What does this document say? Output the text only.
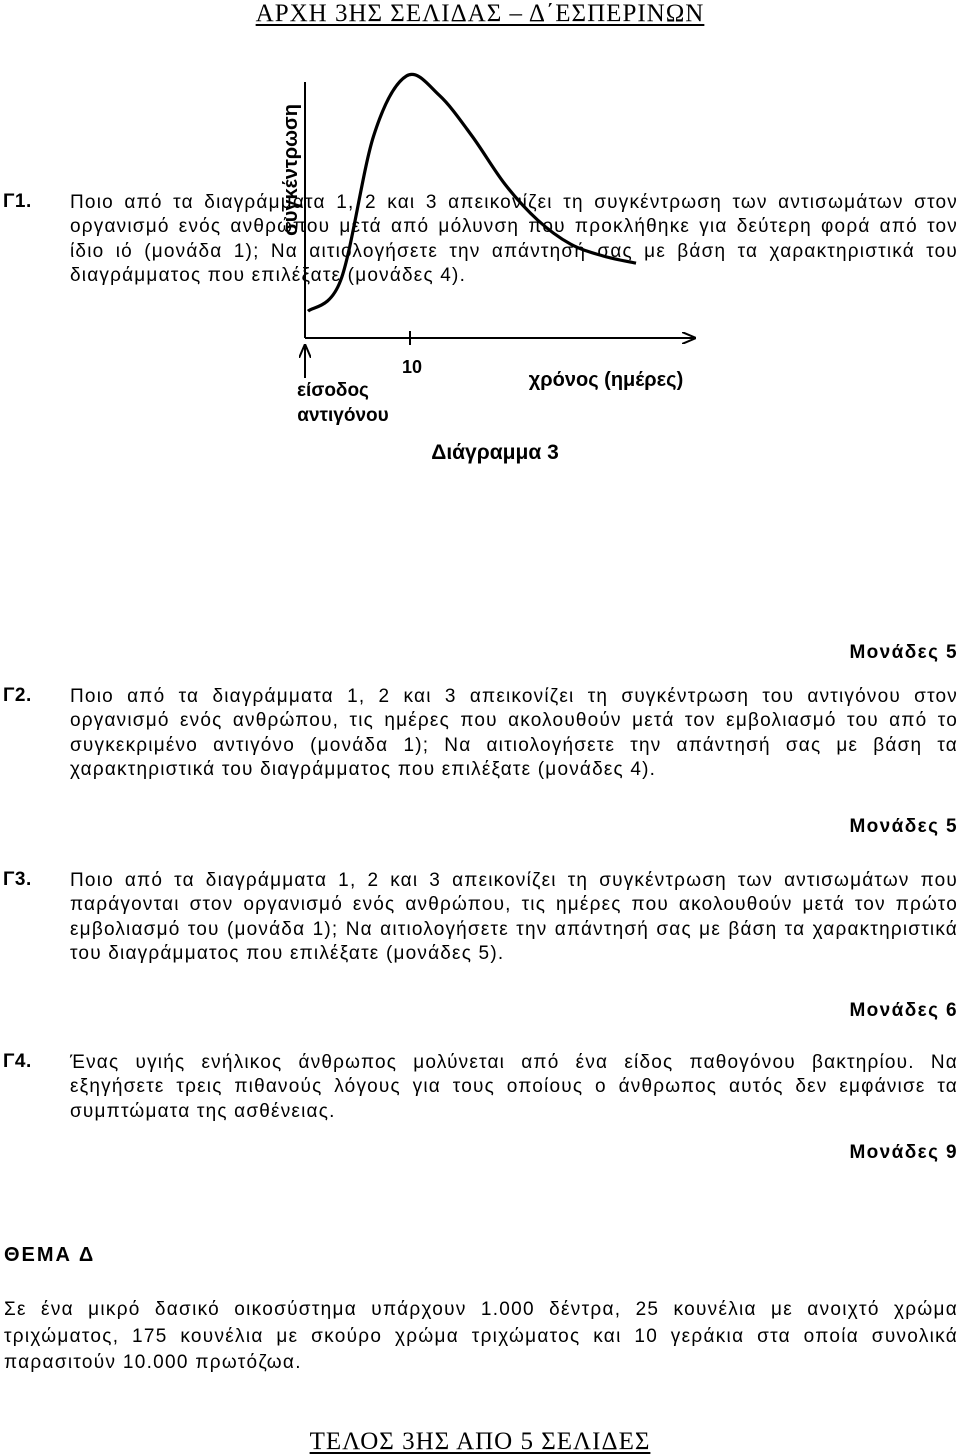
ΑΡΧΗ 3ΗΣ ΣΕΛΙΔΑΣ – Δ΄ΕΣΠΕΡΙΝΩΝ
συγκέντρωση
10
χρόνος (ημέρες)
είσοδος
αντιγόνου
Διάγραμμα 3
Γ1. Ποιο από τα διαγράμματα 1, 2 και 3 απεικονίζει τη συγκέντρωση των αντισωμάτων στον οργανισμό ενός ανθρώπου μετά από μόλυνση που προκλήθηκε για δεύτερη φορά από τον ίδιο ιό (μονάδα 1); Να αιτιολογήσετε την απάντησή σας με βάση τα χαρακτηριστικά του διαγράμματος που επιλέξατε (μονάδες 4).

Μονάδες 5
Γ2. Ποιο από τα διαγράμματα 1, 2 και 3 απεικονίζει τη συγκέντρωση του αντιγόνου στον οργανισμό ενός ανθρώπου, τις ημέρες που ακολουθούν μετά τον εμβολιασμό του από το συγκεκριμένο αντιγόνο (μονάδα 1); Να αιτιολογήσετε την απάντησή σας με βάση τα χαρακτηριστικά του διαγράμματος που επιλέξατε (μονάδες 4).

Μονάδες 5
Γ3. Ποιο από τα διαγράμματα 1, 2 και 3 απεικονίζει τη συγκέντρωση των αντισωμάτων που παράγονται στον οργανισμό ενός ανθρώπου, τις ημέρες που ακολουθούν μετά τον πρώτο εμβολιασμό του (μονάδα 1); Να αιτιολογήσετε την απάντησή σας με βάση τα χαρακτηριστικά του διαγράμματος που επιλέξατε (μονάδες 5).

Μονάδες 6
Γ4. Ένας υγιής ενήλικος άνθρωπος μολύνεται από ένα είδος παθογόνου βακτηρίου. Να εξηγήσετε τρεις πιθανούς λόγους για τους οποίους ο άνθρωπος αυτός δεν εμφάνισε τα συμπτώματα της ασθένειας.

Μονάδες 9
ΘΕΜΑ Δ

Σε ένα μικρό δασικό οικοσύστημα υπάρχουν 1.000 δέντρα, 25 κουνέλια με ανοιχτό χρώμα τριχώματος, 175 κουνέλια με σκούρο χρώμα τριχώματος και 10 γεράκια στα οποία συνολικά παρασιτούν 10.000 πρωτόζωα.

ΤΕΛΟΣ 3ΗΣ ΑΠΟ 5 ΣΕΛΙΔΕΣ
